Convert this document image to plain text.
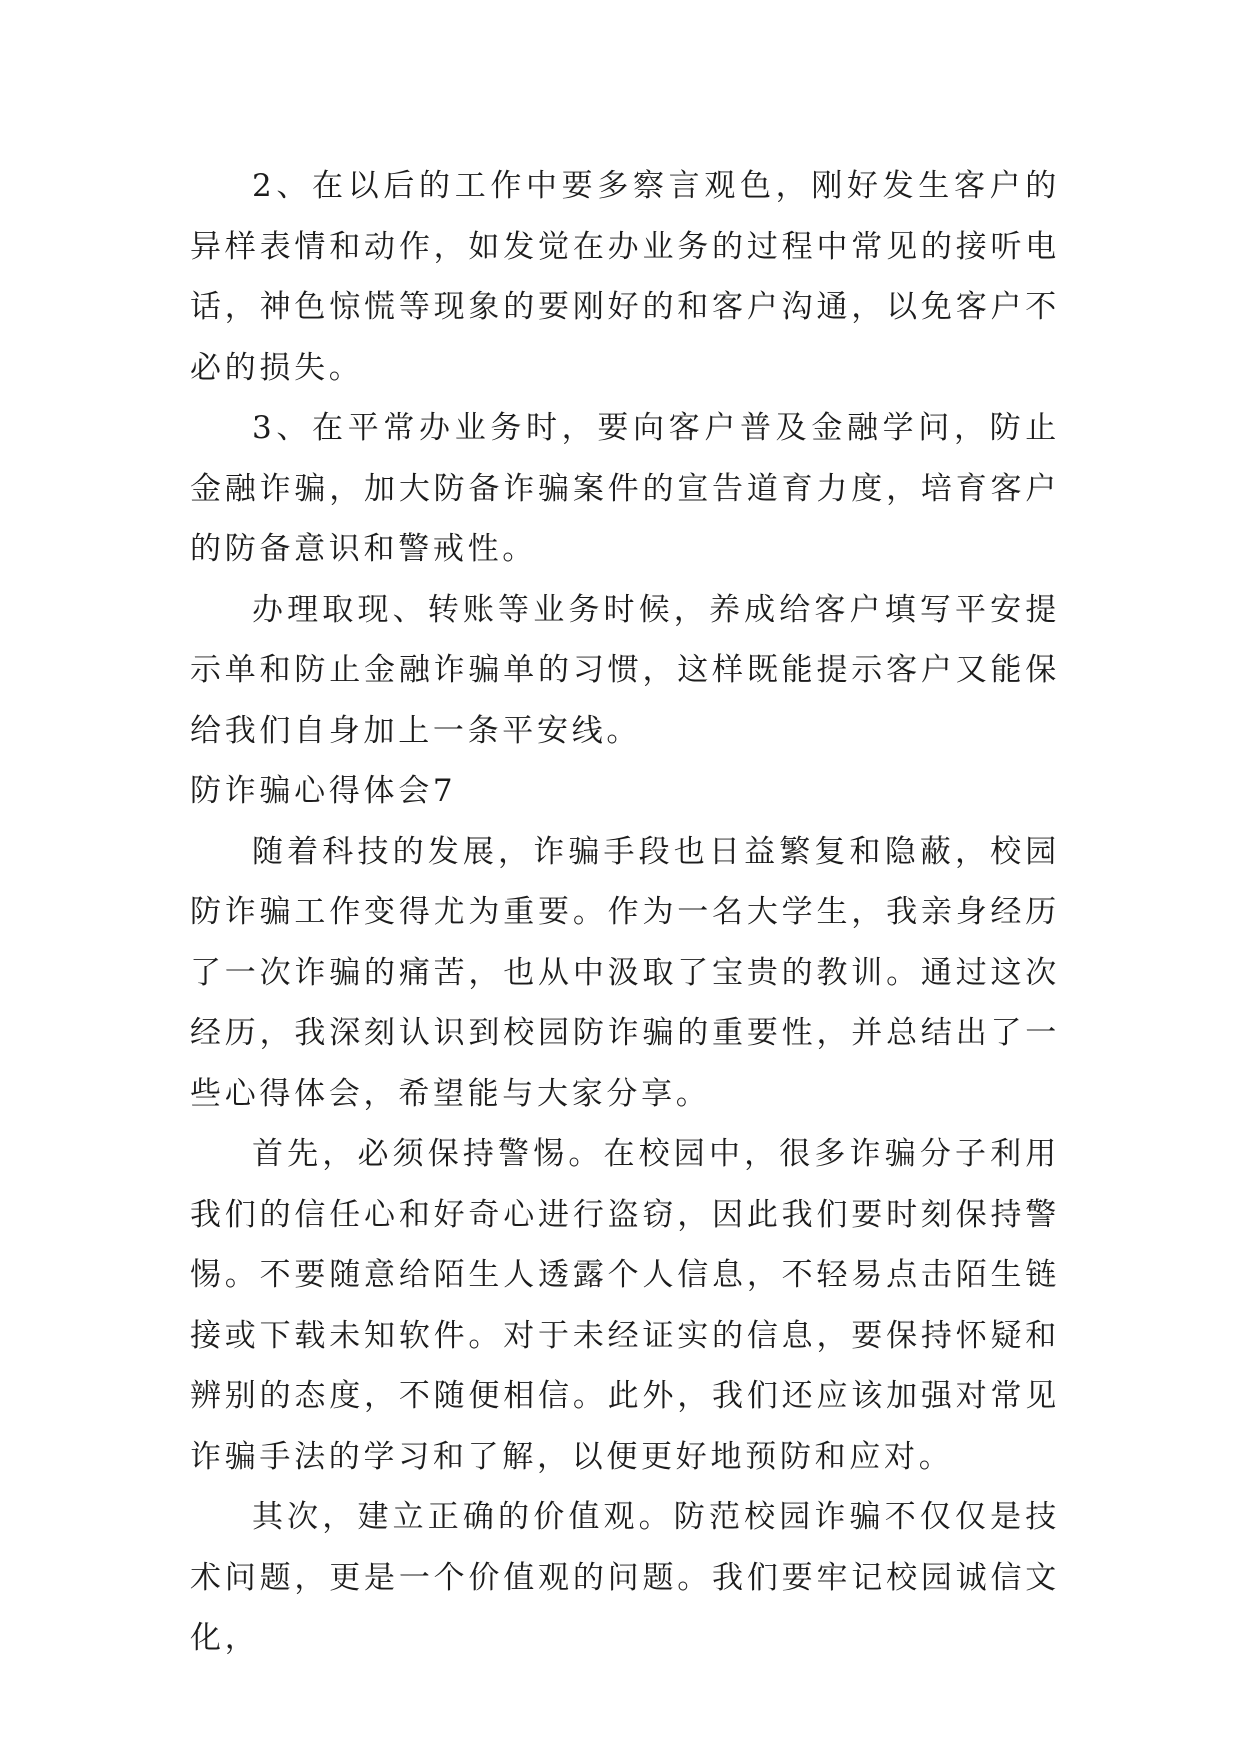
2、在以后的工作中要多察言观色，刚好发生客户的异样表情和动作，如发觉在办业务的过程中常见的接听电话，神色惊慌等现象的要刚好的和客户沟通，以免客户不必的损失。

3、在平常办业务时，要向客户普及金融学问，防止金融诈骗，加大防备诈骗案件的宣告道育力度，培育客户的防备意识和警戒性。

办理取现、转账等业务时候，养成给客户填写平安提示单和防止金融诈骗单的习惯，这样既能提示客户又能保给我们自身加上一条平安线。

防诈骗心得体会7

随着科技的发展，诈骗手段也日益繁复和隐蔽，校园防诈骗工作变得尤为重要。作为一名大学生，我亲身经历了一次诈骗的痛苦，也从中汲取了宝贵的教训。通过这次经历，我深刻认识到校园防诈骗的重要性，并总结出了一些心得体会，希望能与大家分享。

首先，必须保持警惕。在校园中，很多诈骗分子利用我们的信任心和好奇心进行盗窃，因此我们要时刻保持警惕。不要随意给陌生人透露个人信息，不轻易点击陌生链接或下载未知软件。对于未经证实的信息，要保持怀疑和辨别的态度，不随便相信。此外，我们还应该加强对常见诈骗手法的学习和了解，以便更好地预防和应对。

其次，建立正确的价值观。防范校园诈骗不仅仅是技术问题，更是一个价值观的问题。我们要牢记校园诚信文化，
